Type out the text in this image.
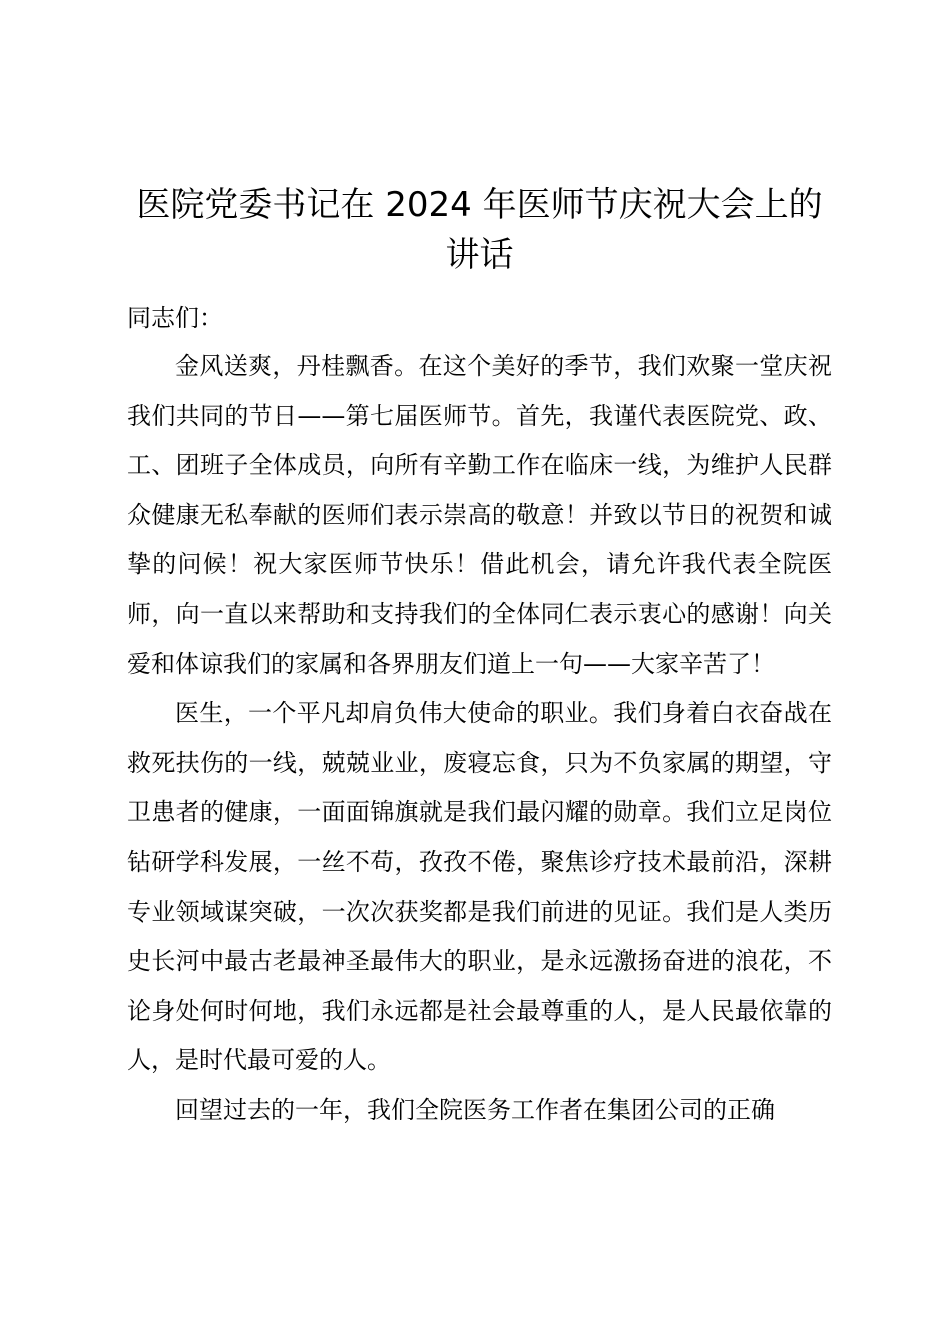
医院党委书记在 2024 年医师节庆祝大会上的讲话

同志们：

金风送爽，丹桂飘香。在这个美好的季节，我们欢聚一堂庆祝我们共同的节日——第七届医师节。首先，我谨代表医院党、政、工、团班子全体成员，向所有辛勤工作在临床一线，为维护人民群众健康无私奉献的医师们表示崇高的敬意！并致以节日的祝贺和诚挚的问候！祝大家医师节快乐！借此机会，请允许我代表全院医师，向一直以来帮助和支持我们的全体同仁表示衷心的感谢！向关爱和体谅我们的家属和各界朋友们道上一句——大家辛苦了！

医生，一个平凡却肩负伟大使命的职业。我们身着白衣奋战在救死扶伤的一线，兢兢业业，废寝忘食，只为不负家属的期望，守卫患者的健康，一面面锦旗就是我们最闪耀的勋章。我们立足岗位钻研学科发展，一丝不苟，孜孜不倦，聚焦诊疗技术最前沿，深耕专业领域谋突破，一次次获奖都是我们前进的见证。我们是人类历史长河中最古老最神圣最伟大的职业，是永远激扬奋进的浪花，不论身处何时何地，我们永远都是社会最尊重的人，是人民最依靠的人，是时代最可爱的人。

回望过去的一年，我们全院医务工作者在集团公司的正确
